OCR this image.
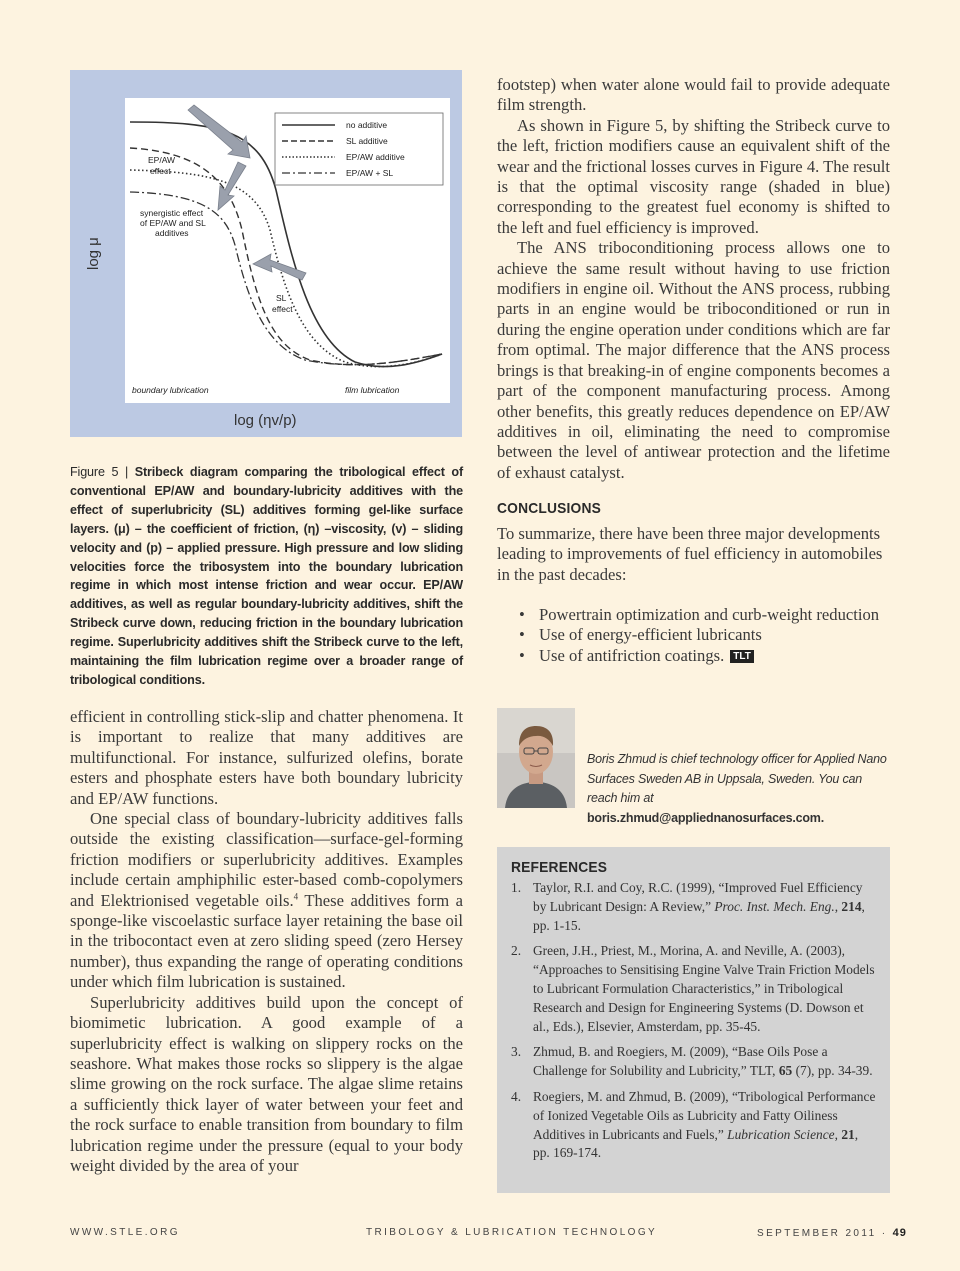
no additive
SL additive
EP/AW additive
EP/AW + SL
EP/AW
effect
synergistic effect
of EP/AW and SL
additives
SL
effect
boundary lubrication	film lubrication
log μ
log (ηv/p)
Figure 5 | Stribeck diagram comparing the tribological effect of conventional EP/AW and boundary-lubricity additives with the effect of superlubricity (SL) additives forming gel-like surface layers. (μ) – the coefficient of friction, (η) –viscosity, (v) – sliding velocity and (p) – applied pressure. High pressure and low sliding velocities force the tribosystem into the boundary lubrication regime in which most intense friction and wear occur. EP/AW additives, as well as regular boundary-lubricity additives, shift the Stribeck curve down, reducing friction in the boundary lubrication regime. Superlubricity additives shift the Stribeck curve to the left, maintaining the film lubrication regime over a broader range of tribological conditions.

efficient in controlling stick-slip and chatter phenomena. It is important to realize that many additives are multifunctional. For instance, sulfurized olefins, borate esters and phosphate esters have both boundary lubricity and EP/AW functions.

One special class of boundary-lubricity additives falls outside the existing classification—surface-gel-forming friction modifiers or superlubricity additives. Examples include certain amphiphilic ester-based comb-copolymers and Elektrionised vegetable oils.$^4$ These additives form a sponge-like viscoelastic surface layer retaining the base oil in the tribocontact even at zero sliding speed (zero Hersey number), thus expanding the range of operating conditions under which film lubrication is sustained.

Superlubricity additives build upon the concept of biomimetic lubrication. A good example of a superlubricity effect is walking on slippery rocks on the seashore. What makes those rocks so slippery is the algae slime growing on the rock surface. The algae slime retains a sufficiently thick layer of water between your feet and the rock surface to enable transition from boundary to film lubrication regime under the pressure (equal to your body weight divided by the area of your

footstep) when water alone would fail to provide adequate film strength.

As shown in Figure 5, by shifting the Stribeck curve to the left, friction modifiers cause an equivalent shift of the wear and the frictional losses curves in Figure 4. The result is that the optimal viscosity range (shaded in blue) corresponding to the greatest fuel economy is shifted to the left and fuel efficiency is improved.

The ANS triboconditioning process allows one to achieve the same result without having to use friction modifiers in engine oil. Without the ANS process, rubbing parts in an engine would be triboconditioned or run in during the engine operation under conditions which are far from optimal. The major difference that the ANS process brings is that breaking-in of engine components becomes a part of the component manufacturing process. Among other benefits, this greatly reduces dependence on EP/AW additives in oil, eliminating the need to compromise between the level of antiwear protection and the lifetime of exhaust catalyst.

CONCLUSIONS

To summarize, there have been three major developments leading to improvements of fuel efficiency in automobiles in the past decades:

• Powertrain optimization and curb-weight reduction
• Use of energy-efficient lubricants
• Use of antifriction coatings. TLT
Boris Zhmud is chief technology officer for Applied Nano Surfaces Sweden AB in Uppsala, Sweden. You can reach him at boris.zhmud@appliednanosurfaces.com.
REFERENCES
1. Taylor, R.I. and Coy, R.C. (1999), “Improved Fuel Efficiency by Lubricant Design: A Review,” Proc. Inst. Mech. Eng., 214, pp. 1-15.
2. Green, J.H., Priest, M., Morina, A. and Neville, A. (2003), “Approaches to Sensitising Engine Valve Train Friction Models to Lubricant Formulation Characteristics,” in Tribological Research and Design for Engineering Systems (D. Dowson et al., Eds.), Elsevier, Amsterdam, pp. 35-45.
3. Zhmud, B. and Roegiers, M. (2009), “Base Oils Pose a Challenge for Solubility and Lubricity,” TLT, 65 (7), pp. 34-39.
4. Roegiers, M. and Zhmud, B. (2009), “Tribological Performance of Ionized Vegetable Oils as Lubricity and Fatty Oiliness Additives in Lubricants and Fuels,” Lubrication Science, 21, pp. 169-174.
WWW.STLE.ORG	TRIBOLOGY & LUBRICATION TECHNOLOGY	SEPTEMBER 2011 · 49
